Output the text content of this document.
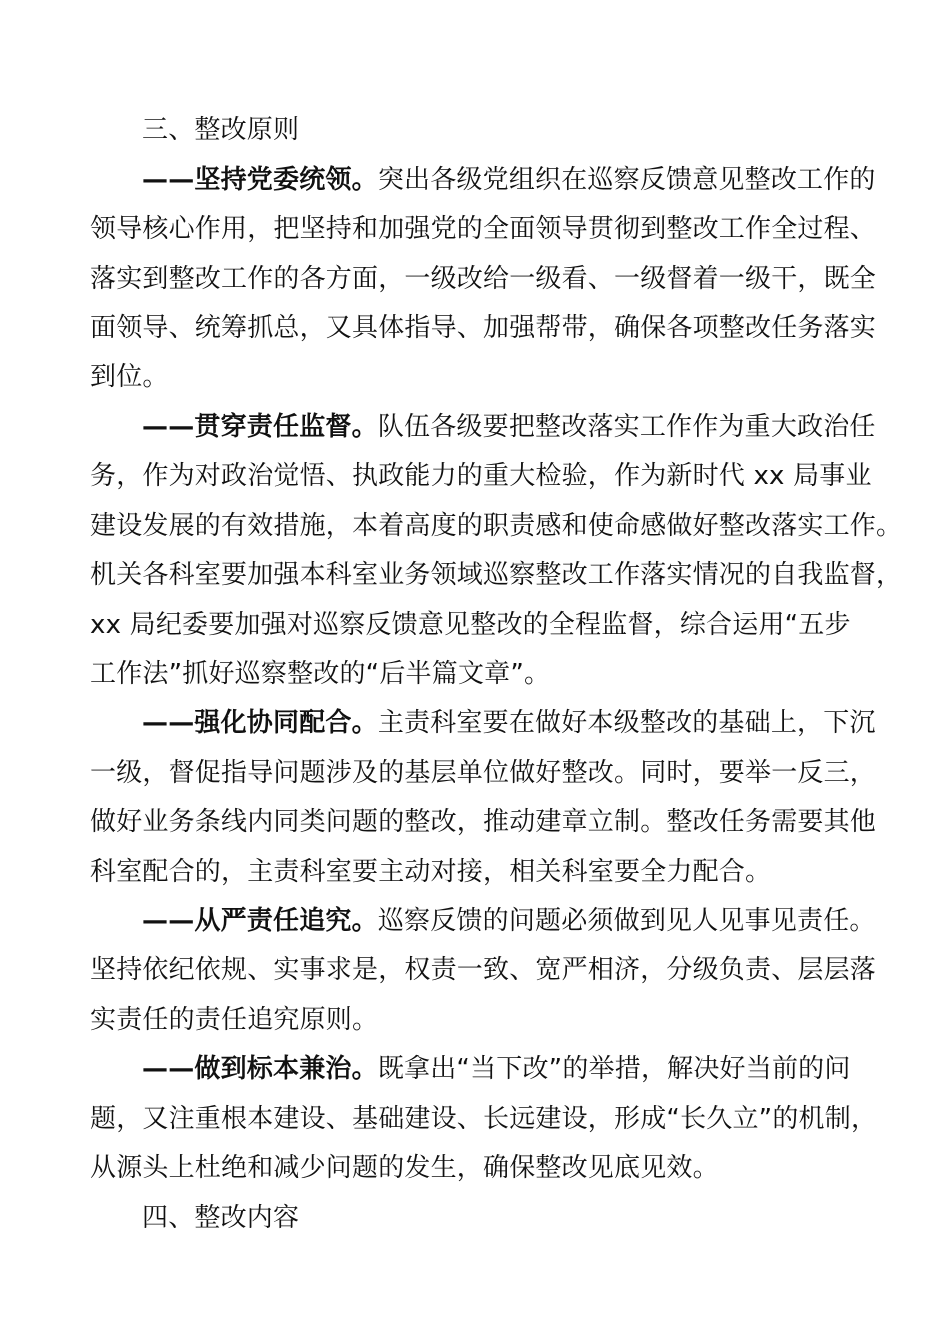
三、整改原则
——坚持党委统领。突出各级党组织在巡察反馈意见整改工作的
领导核心作用，把坚持和加强党的全面领导贯彻到整改工作全过程、
落实到整改工作的各方面，一级改给一级看、一级督着一级干，既全
面领导、统筹抓总，又具体指导、加强帮带，确保各项整改任务落实
到位。
——贯穿责任监督。队伍各级要把整改落实工作作为重大政治任
务，作为对政治觉悟、执政能力的重大检验，作为新时代 xx 局事业
建设发展的有效措施，本着高度的职责感和使命感做好整改落实工作。
机关各科室要加强本科室业务领域巡察整改工作落实情况的自我监督，
xx 局纪委要加强对巡察反馈意见整改的全程监督，综合运用“五步
工作法”抓好巡察整改的“后半篇文章”。
——强化协同配合。主责科室要在做好本级整改的基础上，下沉
一级，督促指导问题涉及的基层单位做好整改。同时，要举一反三，
做好业务条线内同类问题的整改，推动建章立制。整改任务需要其他
科室配合的，主责科室要主动对接，相关科室要全力配合。
——从严责任追究。巡察反馈的问题必须做到见人见事见责任。
坚持依纪依规、实事求是，权责一致、宽严相济，分级负责、层层落
实责任的责任追究原则。
——做到标本兼治。既拿出“当下改”的举措，解决好当前的问
题，又注重根本建设、基础建设、长远建设，形成“长久立”的机制，
从源头上杜绝和减少问题的发生，确保整改见底见效。
四、整改内容
